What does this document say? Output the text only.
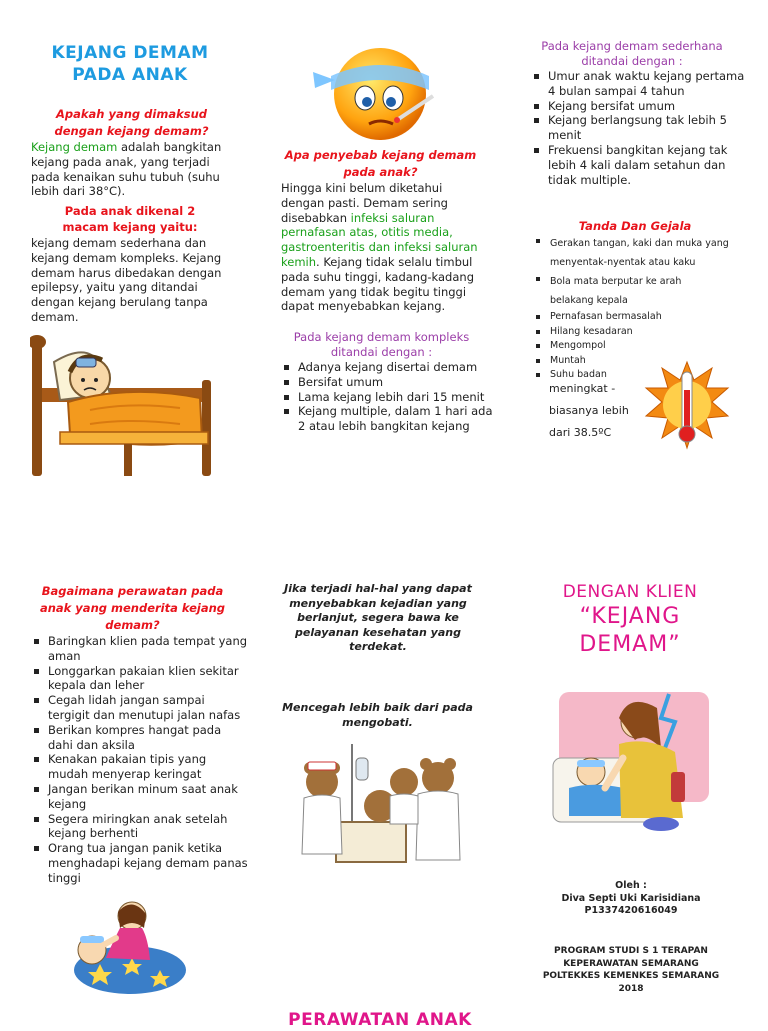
KEJANG DEMAM
PADA ANAK
Apakah yang dimaksud dengan kejang demam?
Kejang demam adalah bangkitan kejang pada anak, yang terjadi pada kenaikan suhu tubuh (suhu lebih dari 38°C).
Pada anak dikenal 2 macam kejang yaitu:
kejang demam sederhana dan kejang demam kompleks. Kejang demam harus dibedakan dengan epilepsy, yaitu yang ditandai dengan kejang berulang tanpa demam.
Apa penyebab kejang demam pada anak?
Hingga kini belum diketahui dengan pasti. Demam sering disebabkan infeksi saluran pernafasan atas, otitis media, gastroenteritis dan infeksi saluran kemih. Kejang tidak selalu timbul pada suhu tinggi, kadang-kadang demam yang tidak begitu tinggi dapat menyebabkan kejang.
Pada kejang demam kompleks ditandai dengan :
Adanya kejang disertai demam
Bersifat umum
Lama kejang lebih dari 15 menit
Kejang multiple, dalam 1 hari ada 2 atau lebih bangkitan kejang
Pada kejang demam sederhana ditandai dengan :
Umur anak waktu kejang pertama 4 bulan sampai 4 tahun
Kejang bersifat umum
Kejang berlangsung tak lebih 5 menit
Frekuensi bangkitan kejang tak lebih 4 kali dalam setahun dan tidak multiple.
Tanda Dan Gejala
Gerakan tangan, kaki dan muka yang menyentak-nyentak atau kaku
Bola mata berputar ke arah belakang kepala
Pernafasan bermasalah
Hilang kesadaran
Mengompol
Muntah
Suhu badan
meningkat -
biasanya lebih
dari 38.5ºC
Bagaimana perawatan pada anak yang menderita kejang demam?
Baringkan klien pada tempat yang aman
Longgarkan pakaian klien sekitar kepala dan leher
Cegah lidah jangan sampai tergigit dan menutupi jalan nafas
Berikan kompres hangat pada dahi dan aksila
Kenakan pakaian tipis yang mudah menyerap keringat
Jangan berikan minum saat anak kejang
Segera miringkan anak setelah kejang berhenti
Orang tua jangan panik ketika menghadapi kejang demam panas tinggi
Jika terjadi hal-hal yang dapat menyebabkan kejadian yang berlanjut, segera bawa ke pelayanan kesehatan yang terdekat.
Mencegah lebih baik dari pada mengobati.
DENGAN KLIEN
“KEJANG
DEMAM”
Oleh :
Diva Septi Uki Karisidiana
P1337420616049
PROGRAM STUDI S 1 TERAPAN
KEPERAWATAN SEMARANG
POLTEKKES KEMENKES SEMARANG
2018
PERAWATAN ANAK
